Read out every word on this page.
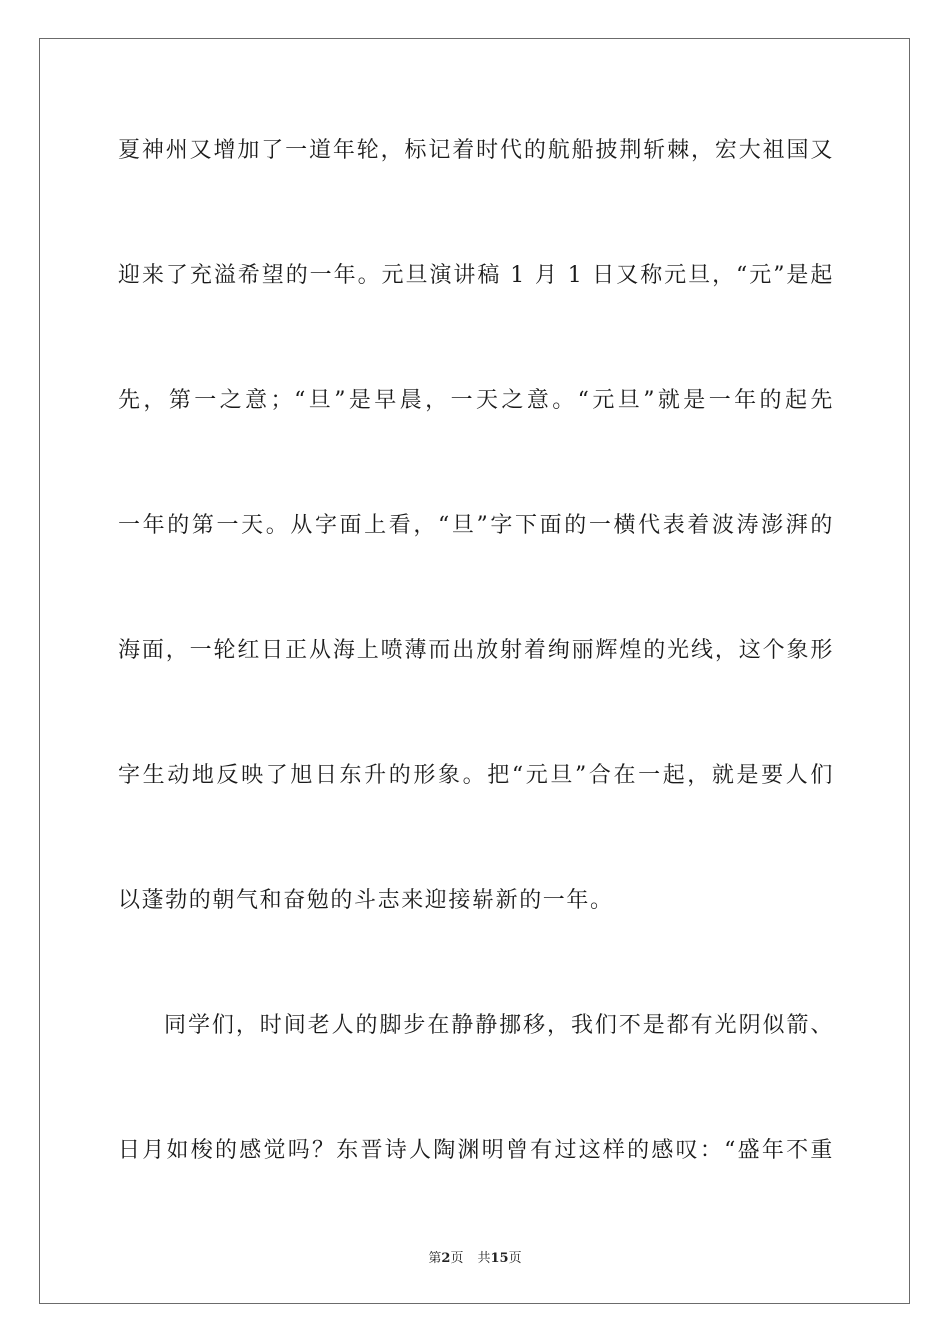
夏神州又增加了一道年轮，标记着时代的航船披荆斩棘，宏大祖国又
迎来了充溢希望的一年。元旦演讲稿 1 月 1 日又称元旦，“元”是起
先，第一之意；“旦”是早晨，一天之意。“元旦”就是一年的起先
一年的第一天。从字面上看，“旦”字下面的一横代表着波涛澎湃的
海面，一轮红日正从海上喷薄而出放射着绚丽辉煌的光线，这个象形
字生动地反映了旭日东升的形象。把“元旦”合在一起，就是要人们
以蓬勃的朝气和奋勉的斗志来迎接崭新的一年。
同学们，时间老人的脚步在静静挪移，我们不是都有光阴似箭、
日月如梭的感觉吗？东晋诗人陶渊明曾有过这样的感叹：“盛年不重
第2页 共15页
